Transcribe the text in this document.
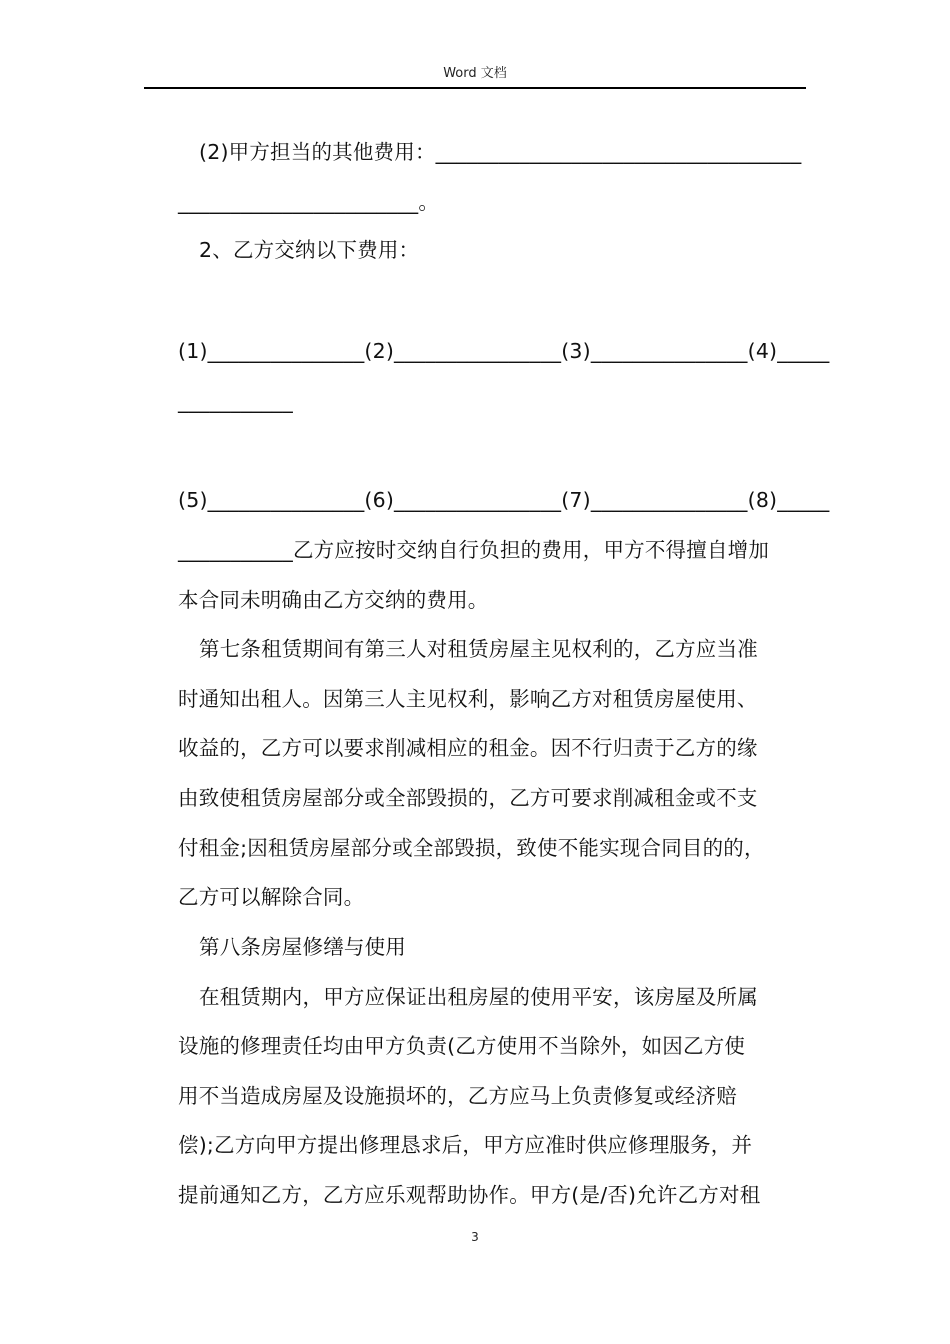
Word 文档
(2)甲方担当的其他费用：___________________________________
_______________________。
2、乙方交纳以下费用：
(1)_______________(2)________________(3)_______________(4)_____
___________
(5)_______________(6)________________(7)_______________(8)_____
___________乙方应按时交纳自行负担的费用，甲方不得擅自增加
本合同未明确由乙方交纳的费用。
第七条租赁期间有第三人对租赁房屋主见权利的，乙方应当准
时通知出租人。因第三人主见权利，影响乙方对租赁房屋使用、
收益的，乙方可以要求削减相应的租金。因不行归责于乙方的缘
由致使租赁房屋部分或全部毁损的，乙方可要求削减租金或不支
付租金;因租赁房屋部分或全部毁损，致使不能实现合同目的的，
乙方可以解除合同。
第八条房屋修缮与使用
在租赁期内，甲方应保证出租房屋的使用平安，该房屋及所属
设施的修理责任均由甲方负责(乙方使用不当除外，如因乙方使
用不当造成房屋及设施损坏的，乙方应马上负责修复或经济赔
偿);乙方向甲方提出修理恳求后，甲方应准时供应修理服务，并
提前通知乙方，乙方应乐观帮助协作。甲方(是/否)允许乙方对租
3
